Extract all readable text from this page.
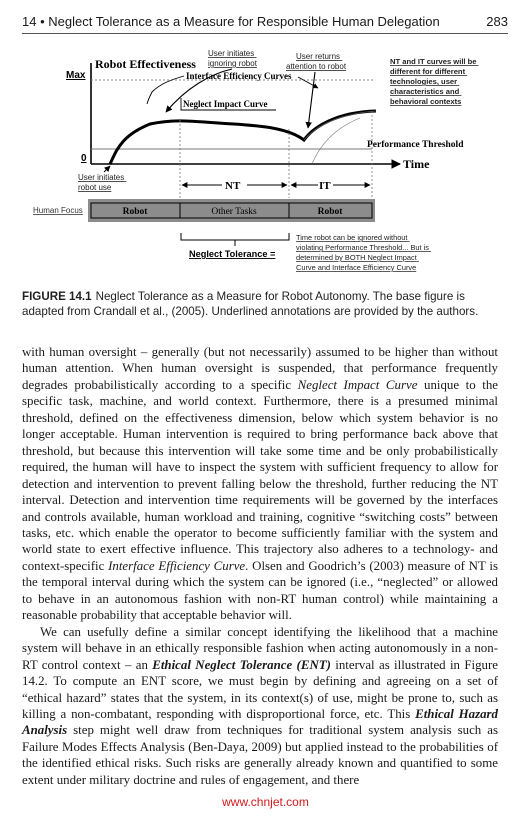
14 • Neglect Tolerance as a Measure for Responsible Human Delegation	283
Robot Effectiveness
Max
0	Time
Performance Threshold
User initiates ignoring robot
User returns attention to robot
Interface Efficiency Curves
Neglect Impact Curve
NT and IT curves will be different for different technologies, user characteristics and behavioral contexts
User initiates robot use	NT	IT
Human Focus	Robot	Other Tasks	Robot
Neglect Tolerance =
Time robot can be ignored without violating Performance Threshold... But is determined by BOTH Neglect Impact Curve and Interface Efficiency Curve
FIGURE 14.1 Neglect Tolerance as a Measure for Robot Autonomy. The base figure is adapted from Crandall et al., (2005). Underlined annotations are provided by the authors.

with human oversight – generally (but not necessarily) assumed to be higher than without human attention. When human oversight is suspended, that performance frequently degrades probabilistically according to a specific Neglect Impact Curve unique to the specific task, machine, and world context. Furthermore, there is a presumed minimal threshold, defined on the effectiveness dimension, below which system behavior is no longer acceptable. Human intervention is required to bring performance back above that threshold, but because this intervention will take some time and be only probabilistically required, the human will have to inspect the system with sufficient frequency to allow for detection and intervention to prevent falling below the threshold, further reducing the NT interval. Detection and intervention time requirements will be governed by the interfaces and controls available, human workload and training, cognitive “switching costs” between tasks, etc. which enable the operator to become sufficiently familiar with the system and world state to exert effective influence. This trajectory also adheres to a technology- and context-specific Interface Efficiency Curve. Olsen and Goodrich’s (2003) measure of NT is the temporal interval during which the system can be ignored (i.e., “neglected” or allowed to behave in an autonomous fashion with non-RT human control) while maintaining a reasonable probability that acceptable behavior will.

We can usefully define a similar concept identifying the likelihood that a machine system will behave in an ethically responsible fashion when acting autonomously in a non-RT control context – an Ethical Neglect Tolerance (ENT) interval as illustrated in Figure 14.2. To compute an ENT score, we must begin by defining and agreeing on a set of “ethical hazard” states that the system, in its context(s) of use, might be prone to, such as killing a non-combatant, responding with disproportional force, etc. This Ethical Hazard Analysis step might well draw from techniques for traditional system analysis such as Failure Modes Effects Analysis (Ben-Daya, 2009) but applied instead to the probabilities of the identified ethical risks. Such risks are generally already known and quantified to some extent under military doctrine and rules of engagement, and there

www.chnjet.com
